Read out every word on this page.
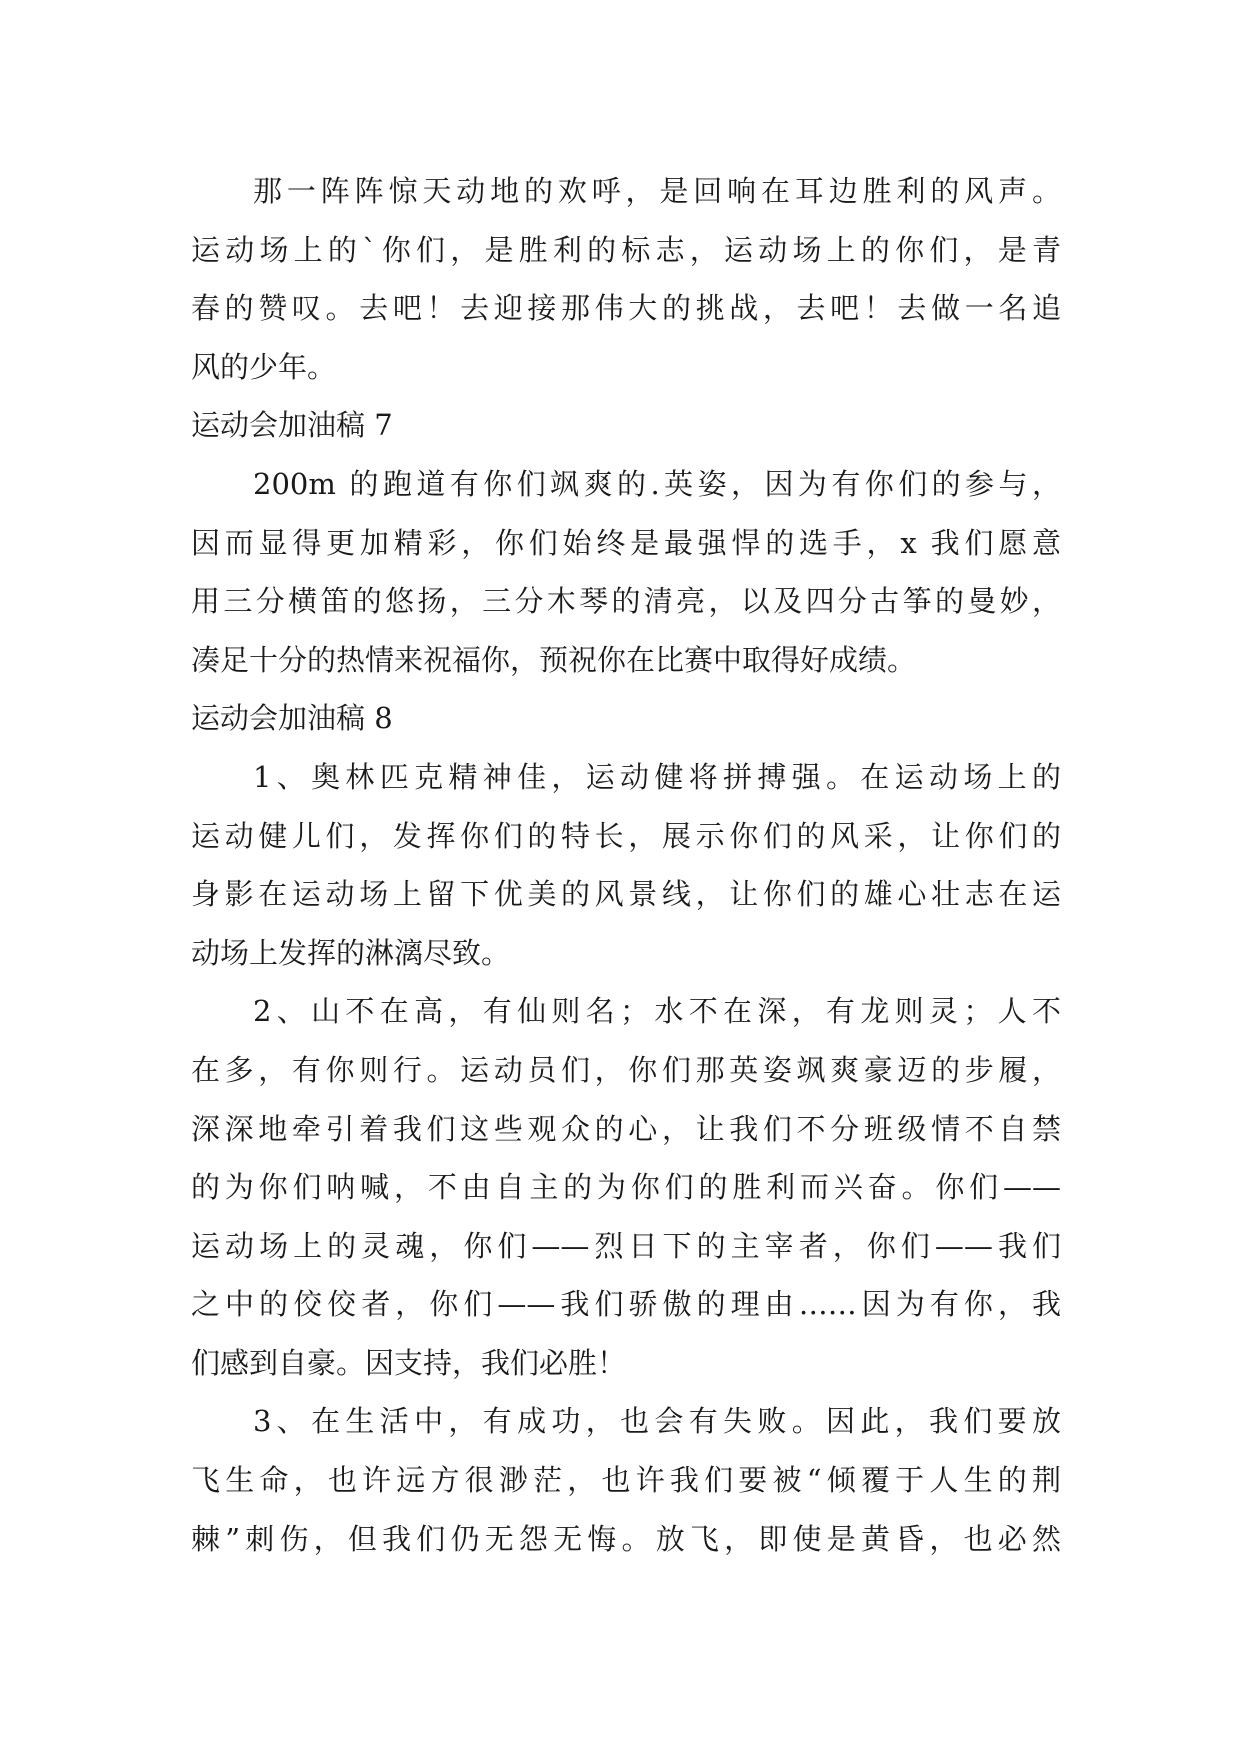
那一阵阵惊天动地的欢呼，是回响在耳边胜利的风声。
运动场上的`你们，是胜利的标志，运动场上的你们，是青
春的赞叹。去吧！去迎接那伟大的挑战，去吧！去做一名追
风的少年。
运动会加油稿 7
200m 的跑道有你们飒爽的.英姿，因为有你们的参与，
因而显得更加精彩，你们始终是最强悍的选手，x 我们愿意
用三分横笛的悠扬，三分木琴的清亮，以及四分古筝的曼妙，
凑足十分的热情来祝福你，预祝你在比赛中取得好成绩。
运动会加油稿 8
1、奥林匹克精神佳，运动健将拼搏强。在运动场上的
运动健儿们，发挥你们的特长，展示你们的风采，让你们的
身影在运动场上留下优美的风景线，让你们的雄心壮志在运
动场上发挥的淋漓尽致。
2、山不在高，有仙则名；水不在深，有龙则灵；人不
在多，有你则行。运动员们，你们那英姿飒爽豪迈的步履，
深深地牵引着我们这些观众的心，让我们不分班级情不自禁
的为你们呐喊，不由自主的为你们的胜利而兴奋。你们——
运动场上的灵魂，你们——烈日下的主宰者，你们——我们
之中的佼佼者，你们——我们骄傲的理由……因为有你，我
们感到自豪。因支持，我们必胜！
3、在生活中，有成功，也会有失败。因此，我们要放
飞生命，也许远方很渺茫，也许我们要被“倾覆于人生的荆
棘”刺伤，但我们仍无怨无悔。放飞，即使是黄昏，也必然
